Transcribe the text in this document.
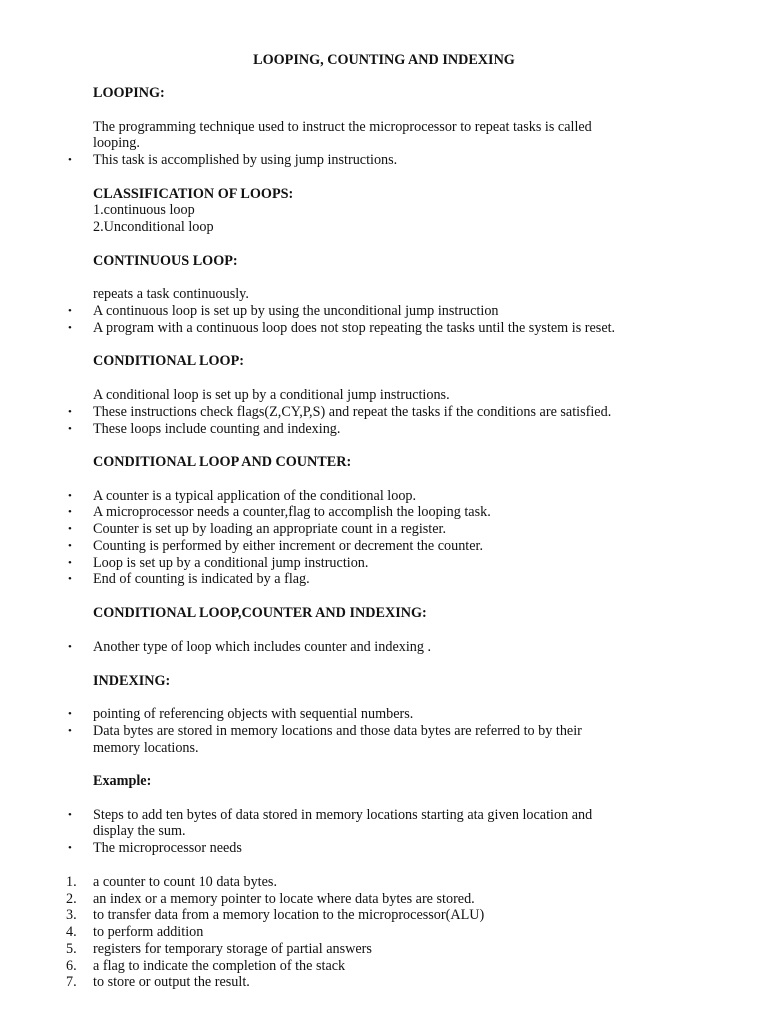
LOOPING, COUNTING AND INDEXING
LOOPING:
The programming technique used to instruct the microprocessor to repeat tasks is called
looping.
•	This task is accomplished by using jump instructions.
CLASSIFICATION OF LOOPS:
1.continuous loop
2.Unconditional loop
CONTINUOUS LOOP:
repeats a task continuously.
•	A continuous loop is set up by using the unconditional jump instruction
•	A program with a continuous loop does not stop repeating the tasks until the system is reset.
CONDITIONAL LOOP:
A conditional loop is set up by a conditional jump instructions.
•	These instructions check flags(Z,CY,P,S) and repeat the tasks if the conditions are satisfied.
•	These loops include counting and indexing.
CONDITIONAL LOOP AND COUNTER:
•	A counter is a typical application of the conditional loop.
•	A microprocessor needs a counter,flag to accomplish the looping task.
•	Counter is set up by loading an appropriate count in a register.
•	Counting is performed by either increment or decrement the counter.
•	Loop is set up by a conditional jump instruction.
•	End of counting is indicated by a flag.
CONDITIONAL LOOP,COUNTER AND INDEXING:
•	Another type of loop which includes counter and indexing .
INDEXING:
•	pointing of referencing objects with sequential numbers.
•	Data bytes are stored in memory locations and those data bytes are referred to by their
memory locations.
Example:
•	Steps to add ten bytes of data stored in memory locations starting ata given location and
display the sum.
•	The microprocessor needs
1.	a counter to count 10 data bytes.
2.	an index or a memory pointer to locate where data bytes are stored.
3.	to transfer data from a memory location to the microprocessor(ALU)
4.	to perform addition
5.	registers for temporary storage of partial answers
6.	a flag to indicate the completion of the stack
7.	to store or output the result.
